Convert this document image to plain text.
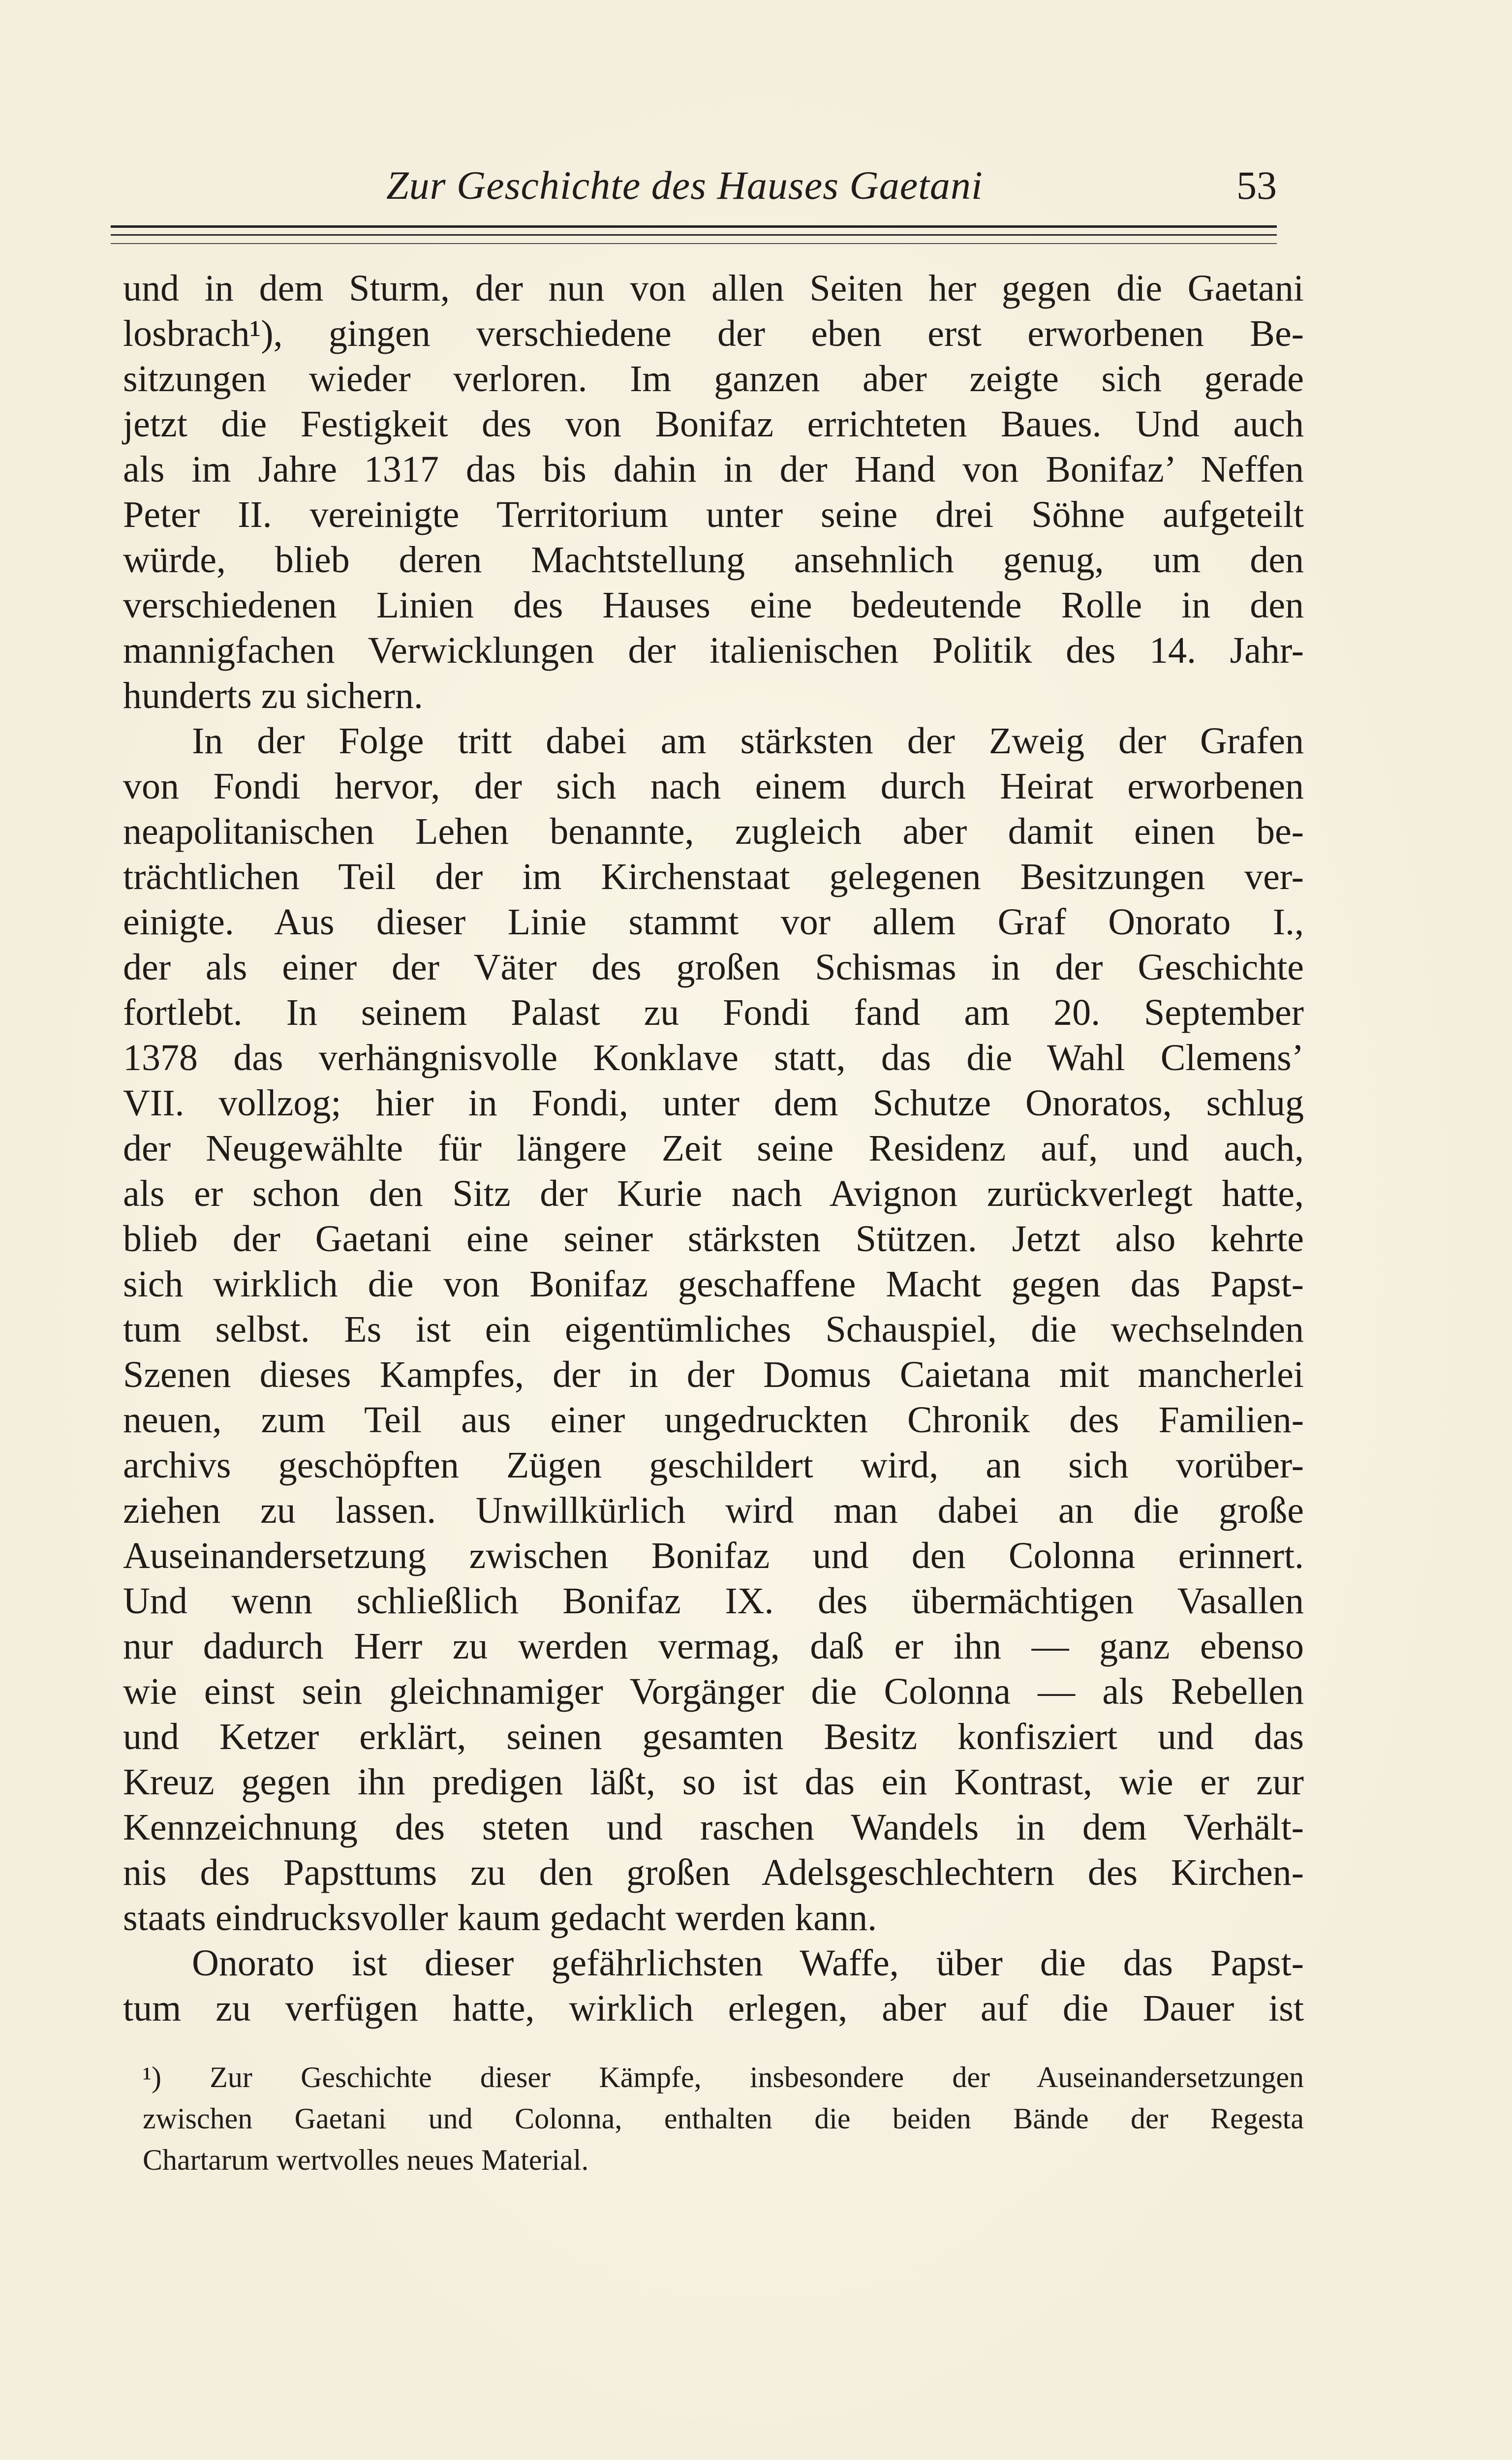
Zur Geschichte des Hauses Gaetani	53
und in dem Sturm, der nun von allen Seiten her gegen die Gaetani
losbrach¹), gingen verschiedene der eben erst erworbenen Be-
sitzungen wieder verloren. Im ganzen aber zeigte sich gerade
jetzt die Festigkeit des von Bonifaz errichteten Baues. Und auch
als im Jahre 1317 das bis dahin in der Hand von Bonifaz’ Neffen
Peter II. vereinigte Territorium unter seine drei Söhne aufgeteilt
würde, blieb deren Machtstellung ansehnlich genug, um den
verschiedenen Linien des Hauses eine bedeutende Rolle in den
mannigfachen Verwicklungen der italienischen Politik des 14. Jahr-
hunderts zu sichern.
In der Folge tritt dabei am stärksten der Zweig der Grafen
von Fondi hervor, der sich nach einem durch Heirat erworbenen
neapolitanischen Lehen benannte, zugleich aber damit einen be-
trächtlichen Teil der im Kirchenstaat gelegenen Besitzungen ver-
einigte. Aus dieser Linie stammt vor allem Graf Onorato I.,
der als einer der Väter des großen Schismas in der Geschichte
fortlebt. In seinem Palast zu Fondi fand am 20. September
1378 das verhängnisvolle Konklave statt, das die Wahl Clemens’
VII. vollzog; hier in Fondi, unter dem Schutze Onoratos, schlug
der Neugewählte für längere Zeit seine Residenz auf, und auch,
als er schon den Sitz der Kurie nach Avignon zurückverlegt hatte,
blieb der Gaetani eine seiner stärksten Stützen. Jetzt also kehrte
sich wirklich die von Bonifaz geschaffene Macht gegen das Papst-
tum selbst. Es ist ein eigentümliches Schauspiel, die wechselnden
Szenen dieses Kampfes, der in der Domus Caietana mit mancherlei
neuen, zum Teil aus einer ungedruckten Chronik des Familien-
archivs geschöpften Zügen geschildert wird, an sich vorüber-
ziehen zu lassen. Unwillkürlich wird man dabei an die große
Auseinandersetzung zwischen Bonifaz und den Colonna erinnert.
Und wenn schließlich Bonifaz IX. des übermächtigen Vasallen
nur dadurch Herr zu werden vermag, daß er ihn — ganz ebenso
wie einst sein gleichnamiger Vorgänger die Colonna — als Rebellen
und Ketzer erklärt, seinen gesamten Besitz konfisziert und das
Kreuz gegen ihn predigen läßt, so ist das ein Kontrast, wie er zur
Kennzeichnung des steten und raschen Wandels in dem Verhält-
nis des Papsttums zu den großen Adelsgeschlechtern des Kirchen-
staats eindrucksvoller kaum gedacht werden kann.
Onorato ist dieser gefährlichsten Waffe, über die das Papst-
tum zu verfügen hatte, wirklich erlegen, aber auf die Dauer ist
¹) Zur Geschichte dieser Kämpfe, insbesondere der Auseinandersetzungen
zwischen Gaetani und Colonna, enthalten die beiden Bände der Regesta
Chartarum wertvolles neues Material.
